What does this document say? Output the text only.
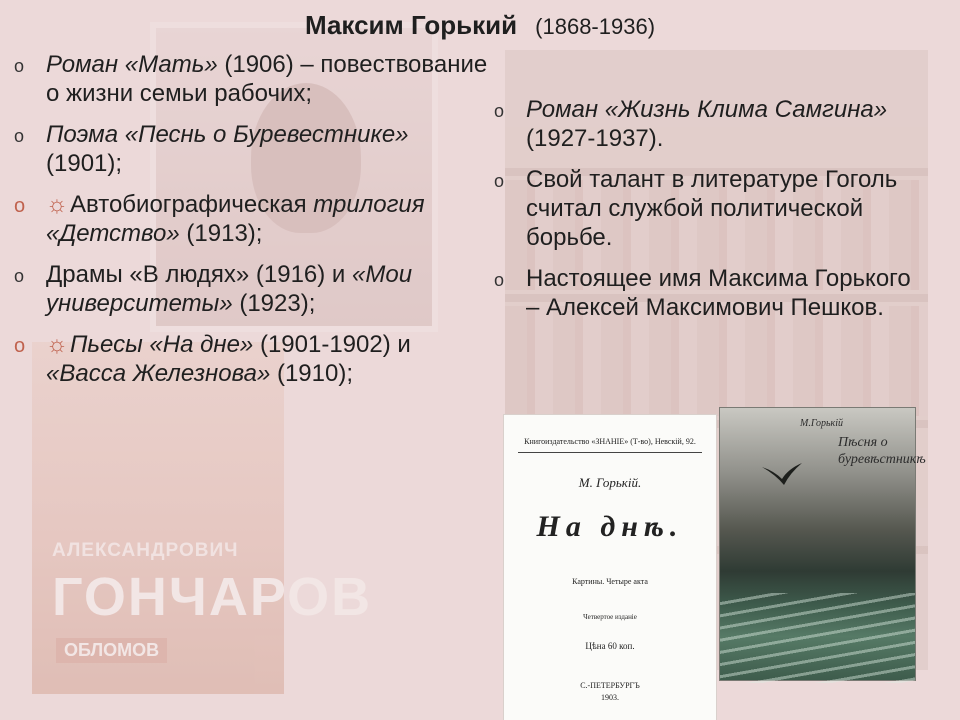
АЛЕКСАНДРОВИЧ
ГОНЧАРОВ
ОБЛОМОВ
Максим Горький (1868-1936)
o Роман «Мать» (1906) – повествование о жизни семьи рабочих;
o Поэма «Песнь о Буревестнике» (1901);
o ☼Автобиографическая трилогия «Детство» (1913);
o Драмы «В людях» (1916) и «Мои университеты» (1923);
o ☼Пьесы «На дне» (1901-1902) и «Васса Железнова» (1910);
o Роман «Жизнь Клима Самгина» (1927-1937).
o Свой талант в литературе Гоголь считал службой политической борьбе.
o Настоящее имя Максима Горького – Алексей Максимович Пешков.
Книгоиздательство «ЗНАНІЕ» (Т-во), Невскій, 92.
М. Горькій.
На днѣ.
Картины. Четыре акта
Четвертое изданіе
Цѣна 60 коп.
С.-ПЕТЕРБУРГЪ
1903.
М.Горькій
Пѣсня о буревѣстникѣ
